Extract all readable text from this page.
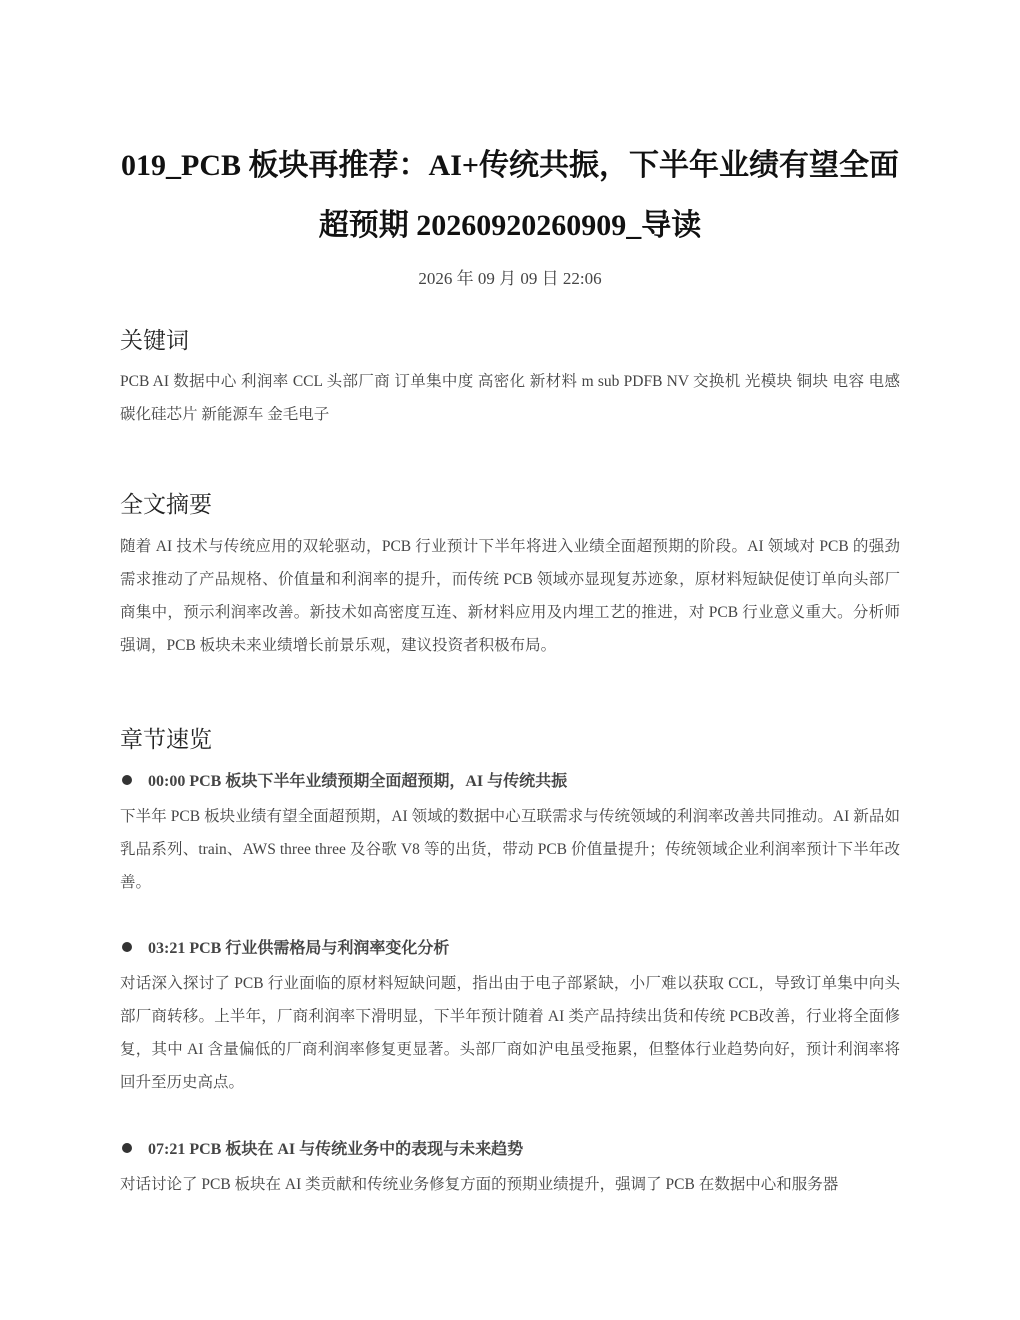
019_PCB 板块再推荐：AI+传统共振，下半年业绩有望全面超预期 20260920260909_导读
2026 年 09 月 09 日 22:06
关键词

PCB AI 数据中心 利润率 CCL 头部厂商 订单集中度 高密化 新材料 m sub PDFB NV 交换机 光模块 铜块 电容 电感 碳化硅芯片 新能源车 金毛电子

全文摘要

随着 AI 技术与传统应用的双轮驱动，PCB 行业预计下半年将进入业绩全面超预期的阶段。AI 领域对 PCB 的强劲需求推动了产品规格、价值量和利润率的提升，而传统 PCB 领域亦显现复苏迹象，原材料短缺促使订单向头部厂商集中，预示利润率改善。新技术如高密度互连、新材料应用及内埋工艺的推进，对 PCB 行业意义重大。分析师强调，PCB 板块未来业绩增长前景乐观，建议投资者积极布局。

章节速览
00:00 PCB 板块下半年业绩预期全面超预期，AI 与传统共振

下半年 PCB 板块业绩有望全面超预期，AI 领域的数据中心互联需求与传统领域的利润率改善共同推动。AI 新品如乳品系列、train、AWS three three 及谷歌 V8 等的出货，带动 PCB 价值量提升；传统领域企业利润率预计下半年改善。

03:21 PCB 行业供需格局与利润率变化分析

对话深入探讨了 PCB 行业面临的原材料短缺问题，指出由于电子部紧缺，小厂难以获取 CCL，导致订单集中向头部厂商转移。上半年，厂商利润率下滑明显，下半年预计随着 AI 类产品持续出货和传统 PCB改善，行业将全面修复，其中 AI 含量偏低的厂商利润率修复更显著。头部厂商如沪电虽受拖累，但整体行业趋势向好，预计利润率将回升至历史高点。

07:21 PCB 板块在 AI 与传统业务中的表现与未来趋势

对话讨论了 PCB 板块在 AI 类贡献和传统业务修复方面的预期业绩提升，强调了 PCB 在数据中心和服务器
